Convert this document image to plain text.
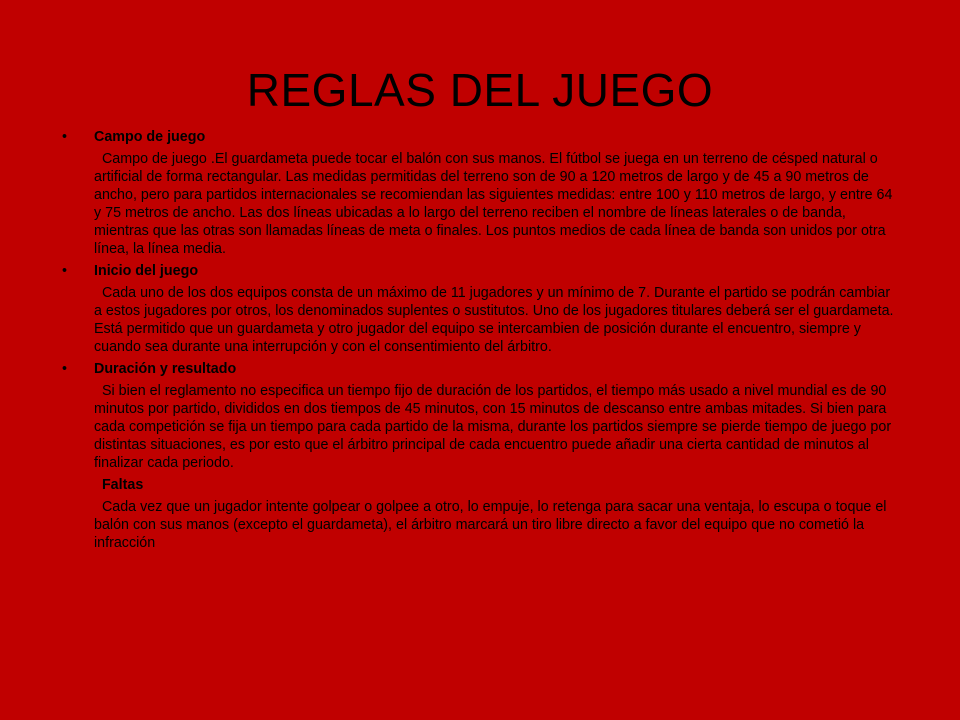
REGLAS DEL JUEGO
• Campo de juego
Campo de juego .El guardameta puede tocar el balón con sus manos. El fútbol se juega en un terreno de césped natural o artificial de forma rectangular. Las medidas permitidas del terreno son de 90 a 120 metros de largo y de 45 a 90 metros de ancho, pero para partidos internacionales se recomiendan las siguientes medidas: entre 100 y 110 metros de largo, y entre 64 y 75 metros de ancho. Las dos líneas ubicadas a lo largo del terreno reciben el nombre de líneas laterales o de banda, mientras que las otras son llamadas líneas de meta o finales. Los puntos medios de cada línea de banda son unidos por otra línea, la línea media.
• Inicio del juego
Cada uno de los dos equipos consta de un máximo de 11 jugadores y un mínimo de 7. Durante el partido se podrán cambiar a estos jugadores por otros, los denominados suplentes o sustitutos. Uno de los jugadores titulares deberá ser el guardameta. Está permitido que un guardameta y otro jugador del equipo se intercambien de posición durante el encuentro, siempre y cuando sea durante una interrupción y con el consentimiento del árbitro.
• Duración y resultado
Si bien el reglamento no especifica un tiempo fijo de duración de los partidos, el tiempo más usado a nivel mundial es de 90 minutos por partido, divididos en dos tiempos de 45 minutos, con 15 minutos de descanso entre ambas mitades. Si bien para cada competición se fija un tiempo para cada partido de la misma, durante los partidos siempre se pierde tiempo de juego por distintas situaciones, es por esto que el árbitro principal de cada encuentro puede añadir una cierta cantidad de minutos al finalizar cada periodo.
Faltas
Cada vez que un jugador intente golpear o golpee a otro, lo empuje, lo retenga para sacar una ventaja, lo escupa o toque el balón con sus manos (excepto el guardameta), el árbitro marcará un tiro libre directo a favor del equipo que no cometió la infracción
